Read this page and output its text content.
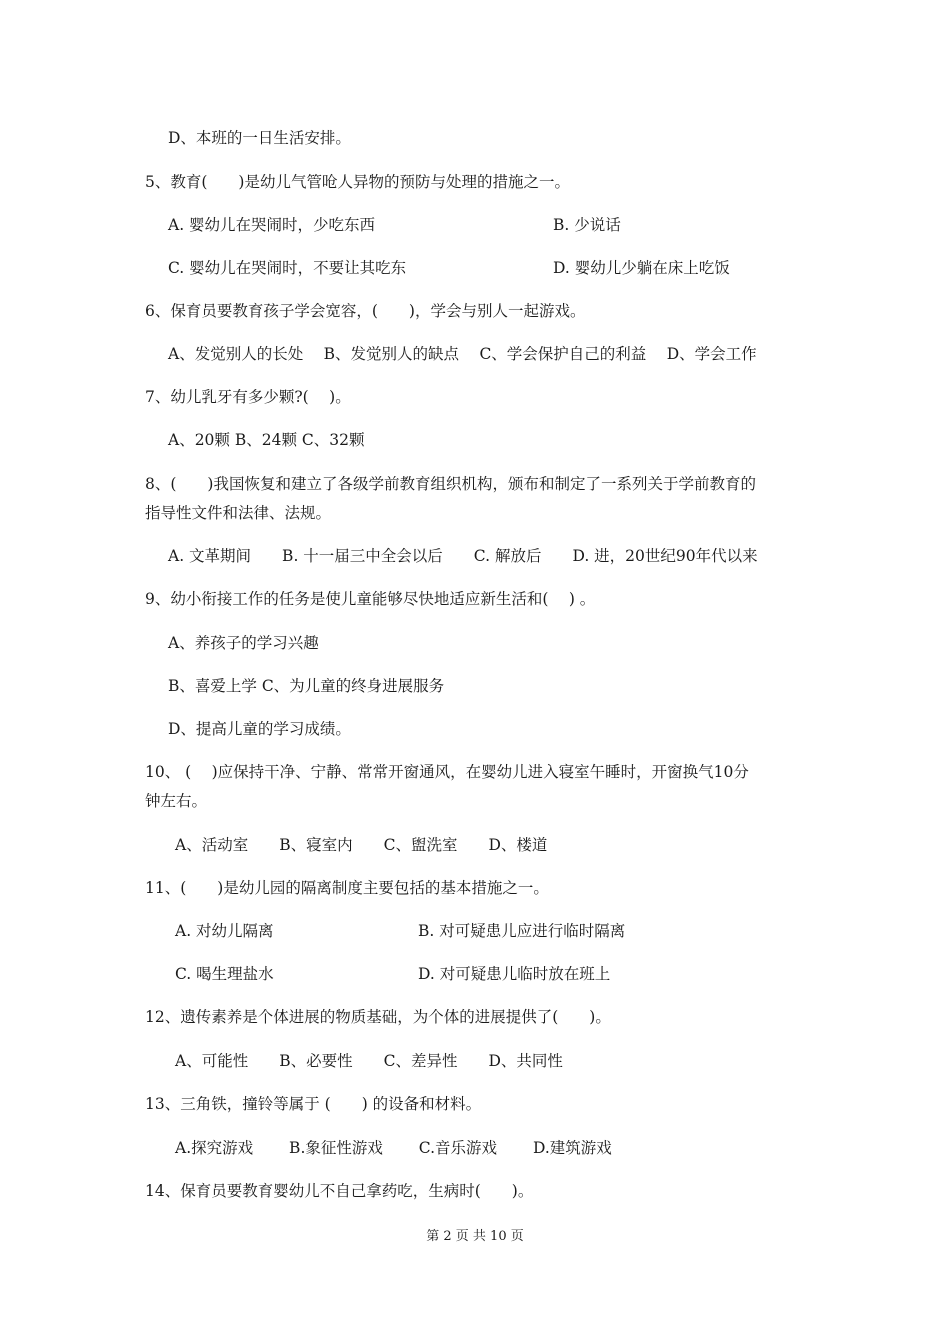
D、本班的一日生活安排。
5、教育(　　)是幼儿气管呛人异物的预防与处理的措施之一。
A. 婴幼儿在哭闹时，少吃东西	B. 少说话
C. 婴幼儿在哭闹时，不要让其吃东	D. 婴幼儿少躺在床上吃饭
6、保育员要教育孩子学会宽容，(　　)，学会与别人一起游戏。
A、发觉别人的长处　 B、发觉别人的缺点　 C、学会保护自己的利益　 D、学会工作
7、幼儿乳牙有多少颗?(　 )。
A、20颗 B、24颗 C、32颗
8、(　　)我国恢复和建立了各级学前教育组织机构，颁布和制定了一系列关于学前教育的
指导性文件和法律、法规。
A. 文革期间　　B. 十一届三中全会以后　　C. 解放后　　D. 进，20世纪90年代以来
9、幼小衔接工作的任务是使儿童能够尽快地适应新生活和(　 ) 。
A、养孩子的学习兴趣
B、喜爱上学 C、为儿童的终身进展服务
D、提高儿童的学习成绩。
10、 ( 　)应保持干净、宁静、常常开窗通风，在婴幼儿进入寝室午睡时，开窗换气10分
钟左右。
A、活动室　　B、寝室内　　C、盥洗室　　D、楼道
11、(　　)是幼儿园的隔离制度主要包括的基本措施之一。
A. 对幼儿隔离	B. 对可疑患儿应进行临时隔离
C. 喝生理盐水	D. 对可疑患儿临时放在班上
12、遗传素养是个体进展的物质基础，为个体的进展提供了(　　)。
A、可能性　　B、必要性　　C、差异性　　D、共同性
13、三角铁，撞铃等属于 (　　) 的设备和材料。
A.探究游戏　　 B.象征性游戏　　 C.音乐游戏　　 D.建筑游戏
14、保育员要教育婴幼儿不自己拿药吃，生病时(　　)。
第 2 页 共 10 页
